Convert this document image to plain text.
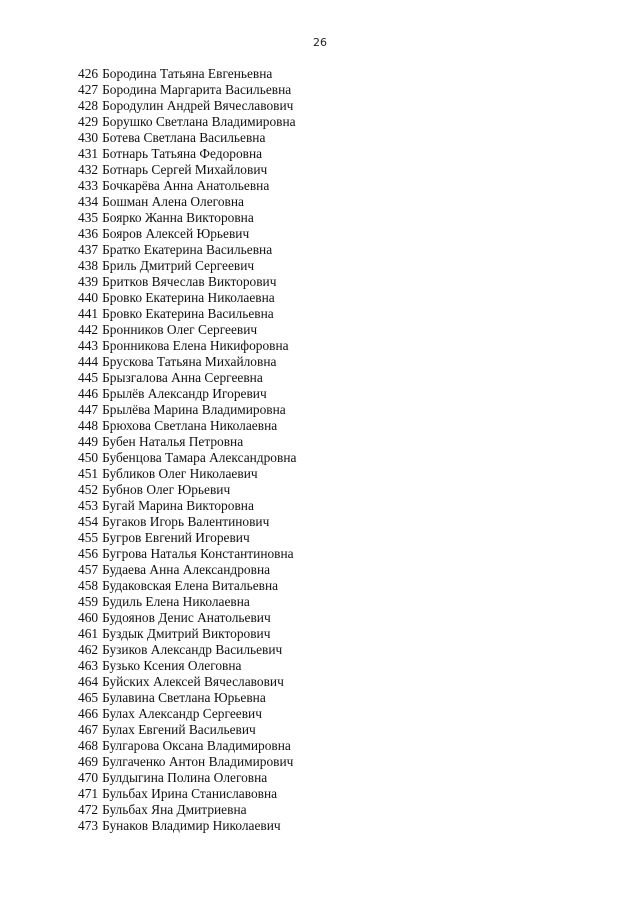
26
426 Бородина Татьяна Евгеньевна
427 Бородина Маргарита Васильевна
428 Бородулин Андрей Вячеславович
429 Борушко Светлана Владимировна
430 Ботева Светлана Васильевна
431 Ботнарь Татьяна Федоровна
432 Ботнарь Сергей Михайлович
433 Бочкарёва Анна Анатольевна
434 Бошман Алена Олеговна
435 Боярко Жанна Викторовна
436 Бояров Алексей Юрьевич
437 Братко Екатерина Васильевна
438 Бриль Дмитрий Сергеевич
439 Бритков Вячеслав Викторович
440 Бровко Екатерина Николаевна
441 Бровко Екатерина Васильевна
442 Бронников Олег Сергеевич
443 Бронникова Елена Никифоровна
444 Брускова Татьяна Михайловна
445 Брызгалова Анна Сергеевна
446 Брылёв Александр Игоревич
447 Брылёва Марина Владимировна
448 Брюхова Светлана Николаевна
449 Бубен Наталья Петровна
450 Бубенцова Тамара Александровна
451 Бубликов Олег Николаевич
452 Бубнов Олег Юрьевич
453 Бугай Марина Викторовна
454 Бугаков Игорь Валентинович
455 Бугров Евгений Игоревич
456 Бугрова Наталья Константиновна
457 Будаева Анна Александровна
458 Будаковская Елена Витальевна
459 Будиль Елена Николаевна
460 Будоянов Денис Анатольевич
461 Буздык Дмитрий Викторович
462 Бузиков Александр Васильевич
463 Бузько Ксения Олеговна
464 Буйских Алексей Вячеславович
465 Булавина Светлана Юрьевна
466 Булах Александр Сергеевич
467 Булах Евгений Васильевич
468 Булгарова Оксана Владимировна
469 Булгаченко Антон Владимирович
470 Булдыгина Полина Олеговна
471 Бульбах Ирина Станиславовна
472 Бульбах Яна Дмитриевна
473 Бунаков Владимир Николаевич
